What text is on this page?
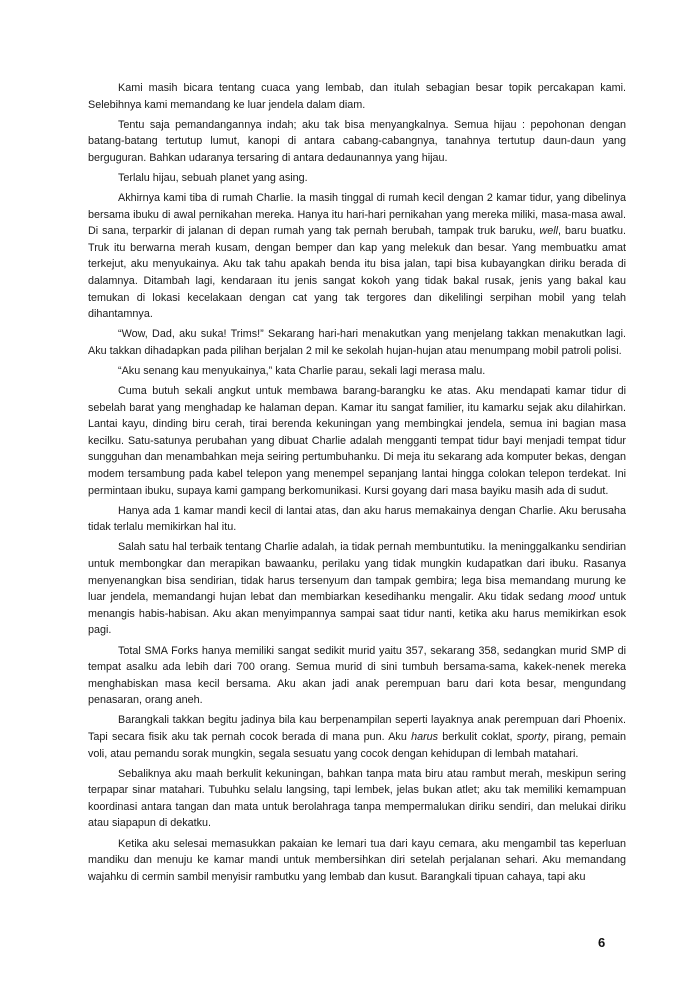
Kami masih bicara tentang cuaca yang lembab, dan itulah sebagian besar topik percakapan kami. Selebihnya kami memandang ke luar jendela dalam diam.

Tentu saja pemandangannya indah; aku tak bisa menyangkalnya. Semua hijau : pepohonan dengan batang-batang tertutup lumut, kanopi di antara cabang-cabangnya, tanahnya tertutup daun-daun yang berguguran. Bahkan udaranya tersaring di antara dedaunannya yang hijau.

Terlalu hijau, sebuah planet yang asing.

Akhirnya kami tiba di rumah Charlie. Ia masih tinggal di rumah kecil dengan 2 kamar tidur, yang dibelinya bersama ibuku di awal pernikahan mereka. Hanya itu hari-hari pernikahan yang mereka miliki, masa-masa awal. Di sana, terparkir di jalanan di depan rumah yang tak pernah berubah, tampak truk baruku, well, baru buatku. Truk itu berwarna merah kusam, dengan bemper dan kap yang melekuk dan besar. Yang membuatku amat terkejut, aku menyukainya. Aku tak tahu apakah benda itu bisa jalan, tapi bisa kubayangkan diriku berada di dalamnya. Ditambah lagi, kendaraan itu jenis sangat kokoh yang tidak bakal rusak, jenis yang bakal kau temukan di lokasi kecelakaan dengan cat yang tak tergores dan dikelilingi serpihan mobil yang telah dihantamnya.

“Wow, Dad, aku suka! Trims!” Sekarang hari-hari menakutkan yang menjelang takkan menakutkan lagi. Aku takkan dihadapkan pada pilihan berjalan 2 mil ke sekolah hujan-hujan atau menumpang mobil patroli polisi.

“Aku senang kau menyukainya,” kata Charlie parau, sekali lagi merasa malu.

Cuma butuh sekali angkut untuk membawa barang-barangku ke atas. Aku mendapati kamar tidur di sebelah barat yang menghadap ke halaman depan. Kamar itu sangat familier, itu kamarku sejak aku dilahirkan. Lantai kayu, dinding biru cerah, tirai berenda kekuningan yang membingkai jendela, semua ini bagian masa kecilku. Satu-satunya perubahan yang dibuat Charlie adalah mengganti tempat tidur bayi menjadi tempat tidur sungguhan dan menambahkan meja seiring pertumbuhanku. Di meja itu sekarang ada komputer bekas, dengan modem tersambung pada kabel telepon yang menempel sepanjang lantai hingga colokan telepon terdekat. Ini permintaan ibuku, supaya kami gampang berkomunikasi. Kursi goyang dari masa bayiku masih ada di sudut.

Hanya ada 1 kamar mandi kecil di lantai atas, dan aku harus memakainya dengan Charlie. Aku berusaha tidak terlalu memikirkan hal itu.

Salah satu hal terbaik tentang Charlie adalah, ia tidak pernah membuntutiku. Ia meninggalkanku sendirian untuk membongkar dan merapikan bawaanku, perilaku yang tidak mungkin kudapatkan dari ibuku. Rasanya menyenangkan bisa sendirian, tidak harus tersenyum dan tampak gembira; lega bisa memandang murung ke luar jendela, memandangi hujan lebat dan membiarkan kesedihanku mengalir. Aku tidak sedang mood untuk menangis habis-habisan. Aku akan menyimpannya sampai saat tidur nanti, ketika aku harus memikirkan esok pagi.

Total SMA Forks hanya memiliki sangat sedikit murid yaitu 357, sekarang 358, sedangkan murid SMP di tempat asalku ada lebih dari 700 orang. Semua murid di sini tumbuh bersama-sama, kakek-nenek mereka menghabiskan masa kecil bersama. Aku akan jadi anak perempuan baru dari kota besar, mengundang penasaran, orang aneh.

Barangkali takkan begitu jadinya bila kau berpenampilan seperti layaknya anak perempuan dari Phoenix. Tapi secara fisik aku tak pernah cocok berada di mana pun. Aku harus berkulit coklat, sporty, pirang, pemain voli, atau pemandu sorak mungkin, segala sesuatu yang cocok dengan kehidupan di lembah matahari.

Sebaliknya aku maah berkulit kekuningan, bahkan tanpa mata biru atau rambut merah, meskipun sering terpapar sinar matahari. Tubuhku selalu langsing, tapi lembek, jelas bukan atlet; aku tak memiliki kemampuan koordinasi antara tangan dan mata untuk berolahraga tanpa mempermalukan diriku sendiri, dan melukai diriku atau siapapun di dekatku.

Ketika aku selesai memasukkan pakaian ke lemari tua dari kayu cemara, aku mengambil tas keperluan mandiku dan menuju ke kamar mandi untuk membersihkan diri setelah perjalanan sehari. Aku memandang wajahku di cermin sambil menyisir rambutku yang lembab dan kusut. Barangkali tipuan cahaya, tapi aku

6
